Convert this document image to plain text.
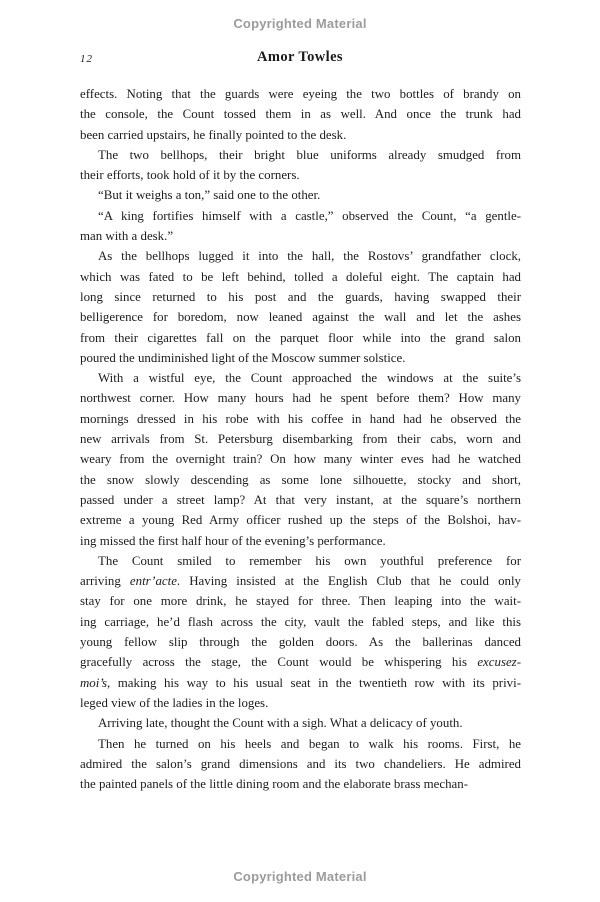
Copyrighted Material
12	Amor Towles

effects. Noting that the guards were eyeing the two bottles of brandy on
the console, the Count tossed them in as well. And once the trunk had
been carried upstairs, he finally pointed to the desk.

The two bellhops, their bright blue uniforms already smudged from
their efforts, took hold of it by the corners.

“But it weighs a ton,” said one to the other.

“A king fortifies himself with a castle,” observed the Count, “a gentle-
man with a desk.”

As the bellhops lugged it into the hall, the Rostovs’ grandfather clock,
which was fated to be left behind, tolled a doleful eight. The captain had
long since returned to his post and the guards, having swapped their
belligerence for boredom, now leaned against the wall and let the ashes
from their cigarettes fall on the parquet floor while into the grand salon
poured the undiminished light of the Moscow summer solstice.

With a wistful eye, the Count approached the windows at the suite’s
northwest corner. How many hours had he spent before them? How many
mornings dressed in his robe with his coffee in hand had he observed the
new arrivals from St. Petersburg disembarking from their cabs, worn and
weary from the overnight train? On how many winter eves had he watched
the snow slowly descending as some lone silhouette, stocky and short,
passed under a street lamp? At that very instant, at the square’s northern
extreme a young Red Army officer rushed up the steps of the Bolshoi, hav-
ing missed the first half hour of the evening’s performance.

The Count smiled to remember his own youthful preference for
arriving entr’acte. Having insisted at the English Club that he could only
stay for one more drink, he stayed for three. Then leaping into the wait-
ing carriage, he’d flash across the city, vault the fabled steps, and like this
young fellow slip through the golden doors. As the ballerinas danced
gracefully across the stage, the Count would be whispering his excusez-
moi’s, making his way to his usual seat in the twentieth row with its privi-
leged view of the ladies in the loges.

Arriving late, thought the Count with a sigh. What a delicacy of youth.

Then he turned on his heels and began to walk his rooms. First, he
admired the salon’s grand dimensions and its two chandeliers. He admired
the painted panels of the little dining room and the elaborate brass mechan-

Copyrighted Material
